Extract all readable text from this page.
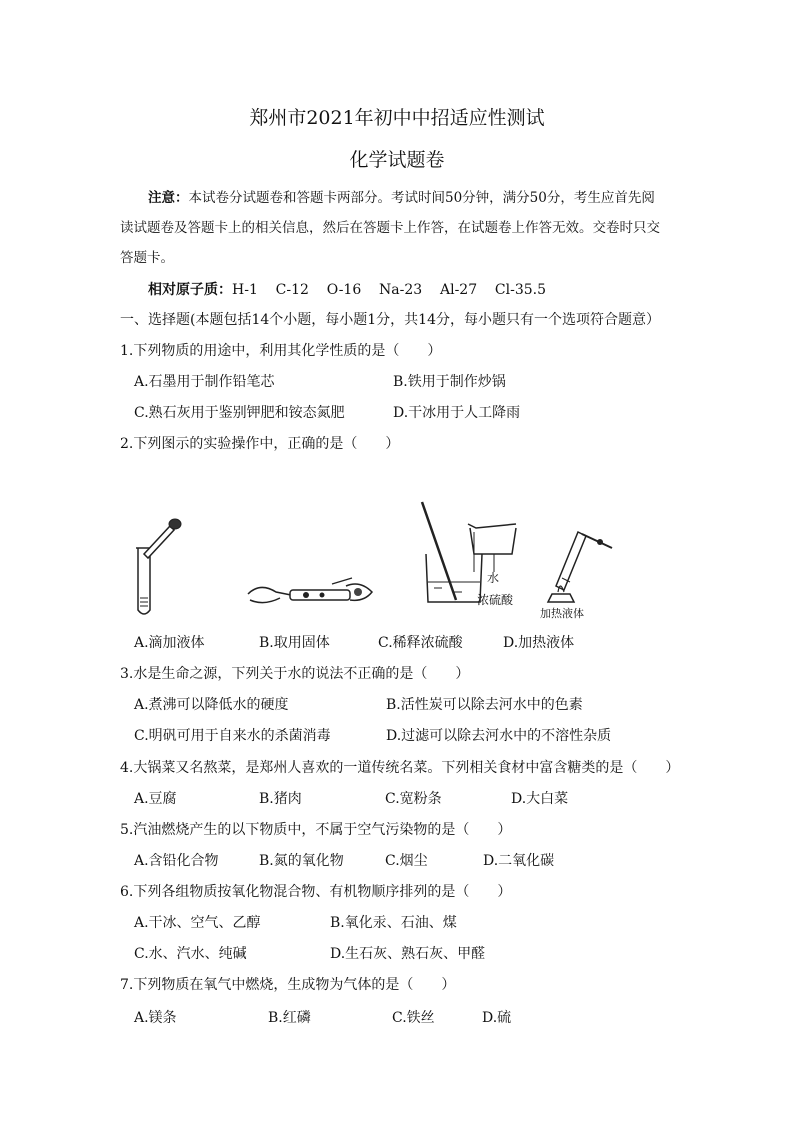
郑州市2021年初中中招适应性测试
化学试题卷
注意：本试卷分试题卷和答题卡两部分。考试时间50分钟，满分50分，考生应首先阅
读试题卷及答题卡上的相关信息，然后在答题卡上作答，在试题卷上作答无效。交卷时只交
答题卡。
相对原子质：H-1    C-12    O-16    Na-23    Al-27    Cl-35.5
一、选择题(本题包括14个小题，每小题1分，共14分，每小题只有一个选项符合题意）
1.下列物质的用途中，利用其化学性质的是（　　）
A.石墨用于制作铅笔芯	B.铁用于制作炒锅
C.熟石灰用于鉴别钾肥和铵态氮肥	D.干冰用于人工降雨
2.下列图示的实验操作中，正确的是（　　）
水
浓硫酸
加热液体
A.滴加液体	B.取用固体	C.稀释浓硫酸	D.加热液体
3.水是生命之源，下列关于水的说法不正确的是（　　）
A.煮沸可以降低水的硬度	B.活性炭可以除去河水中的色素
C.明矾可用于自来水的杀菌消毒	D.过滤可以除去河水中的不溶性杂质
4.大锅菜又名熬菜，是郑州人喜欢的一道传统名菜。下列相关食材中富含糖类的是（　　）
A.豆腐	B.猪肉	C.宽粉条	D.大白菜
5.汽油燃烧产生的以下物质中，不属于空气污染物的是（　　）
A.含铅化合物	B.氮的氧化物	C.烟尘	D.二氧化碳
6.下列各组物质按氧化物混合物、有机物顺序排列的是（　　）
A.干冰、空气、乙醇	B.氧化汞、石油、煤
C.水、汽水、纯碱	D.生石灰、熟石灰、甲醛
7.下列物质在氧气中燃烧，生成物为气体的是（　　）
A.镁条	B.红磷	C.铁丝	D.硫
